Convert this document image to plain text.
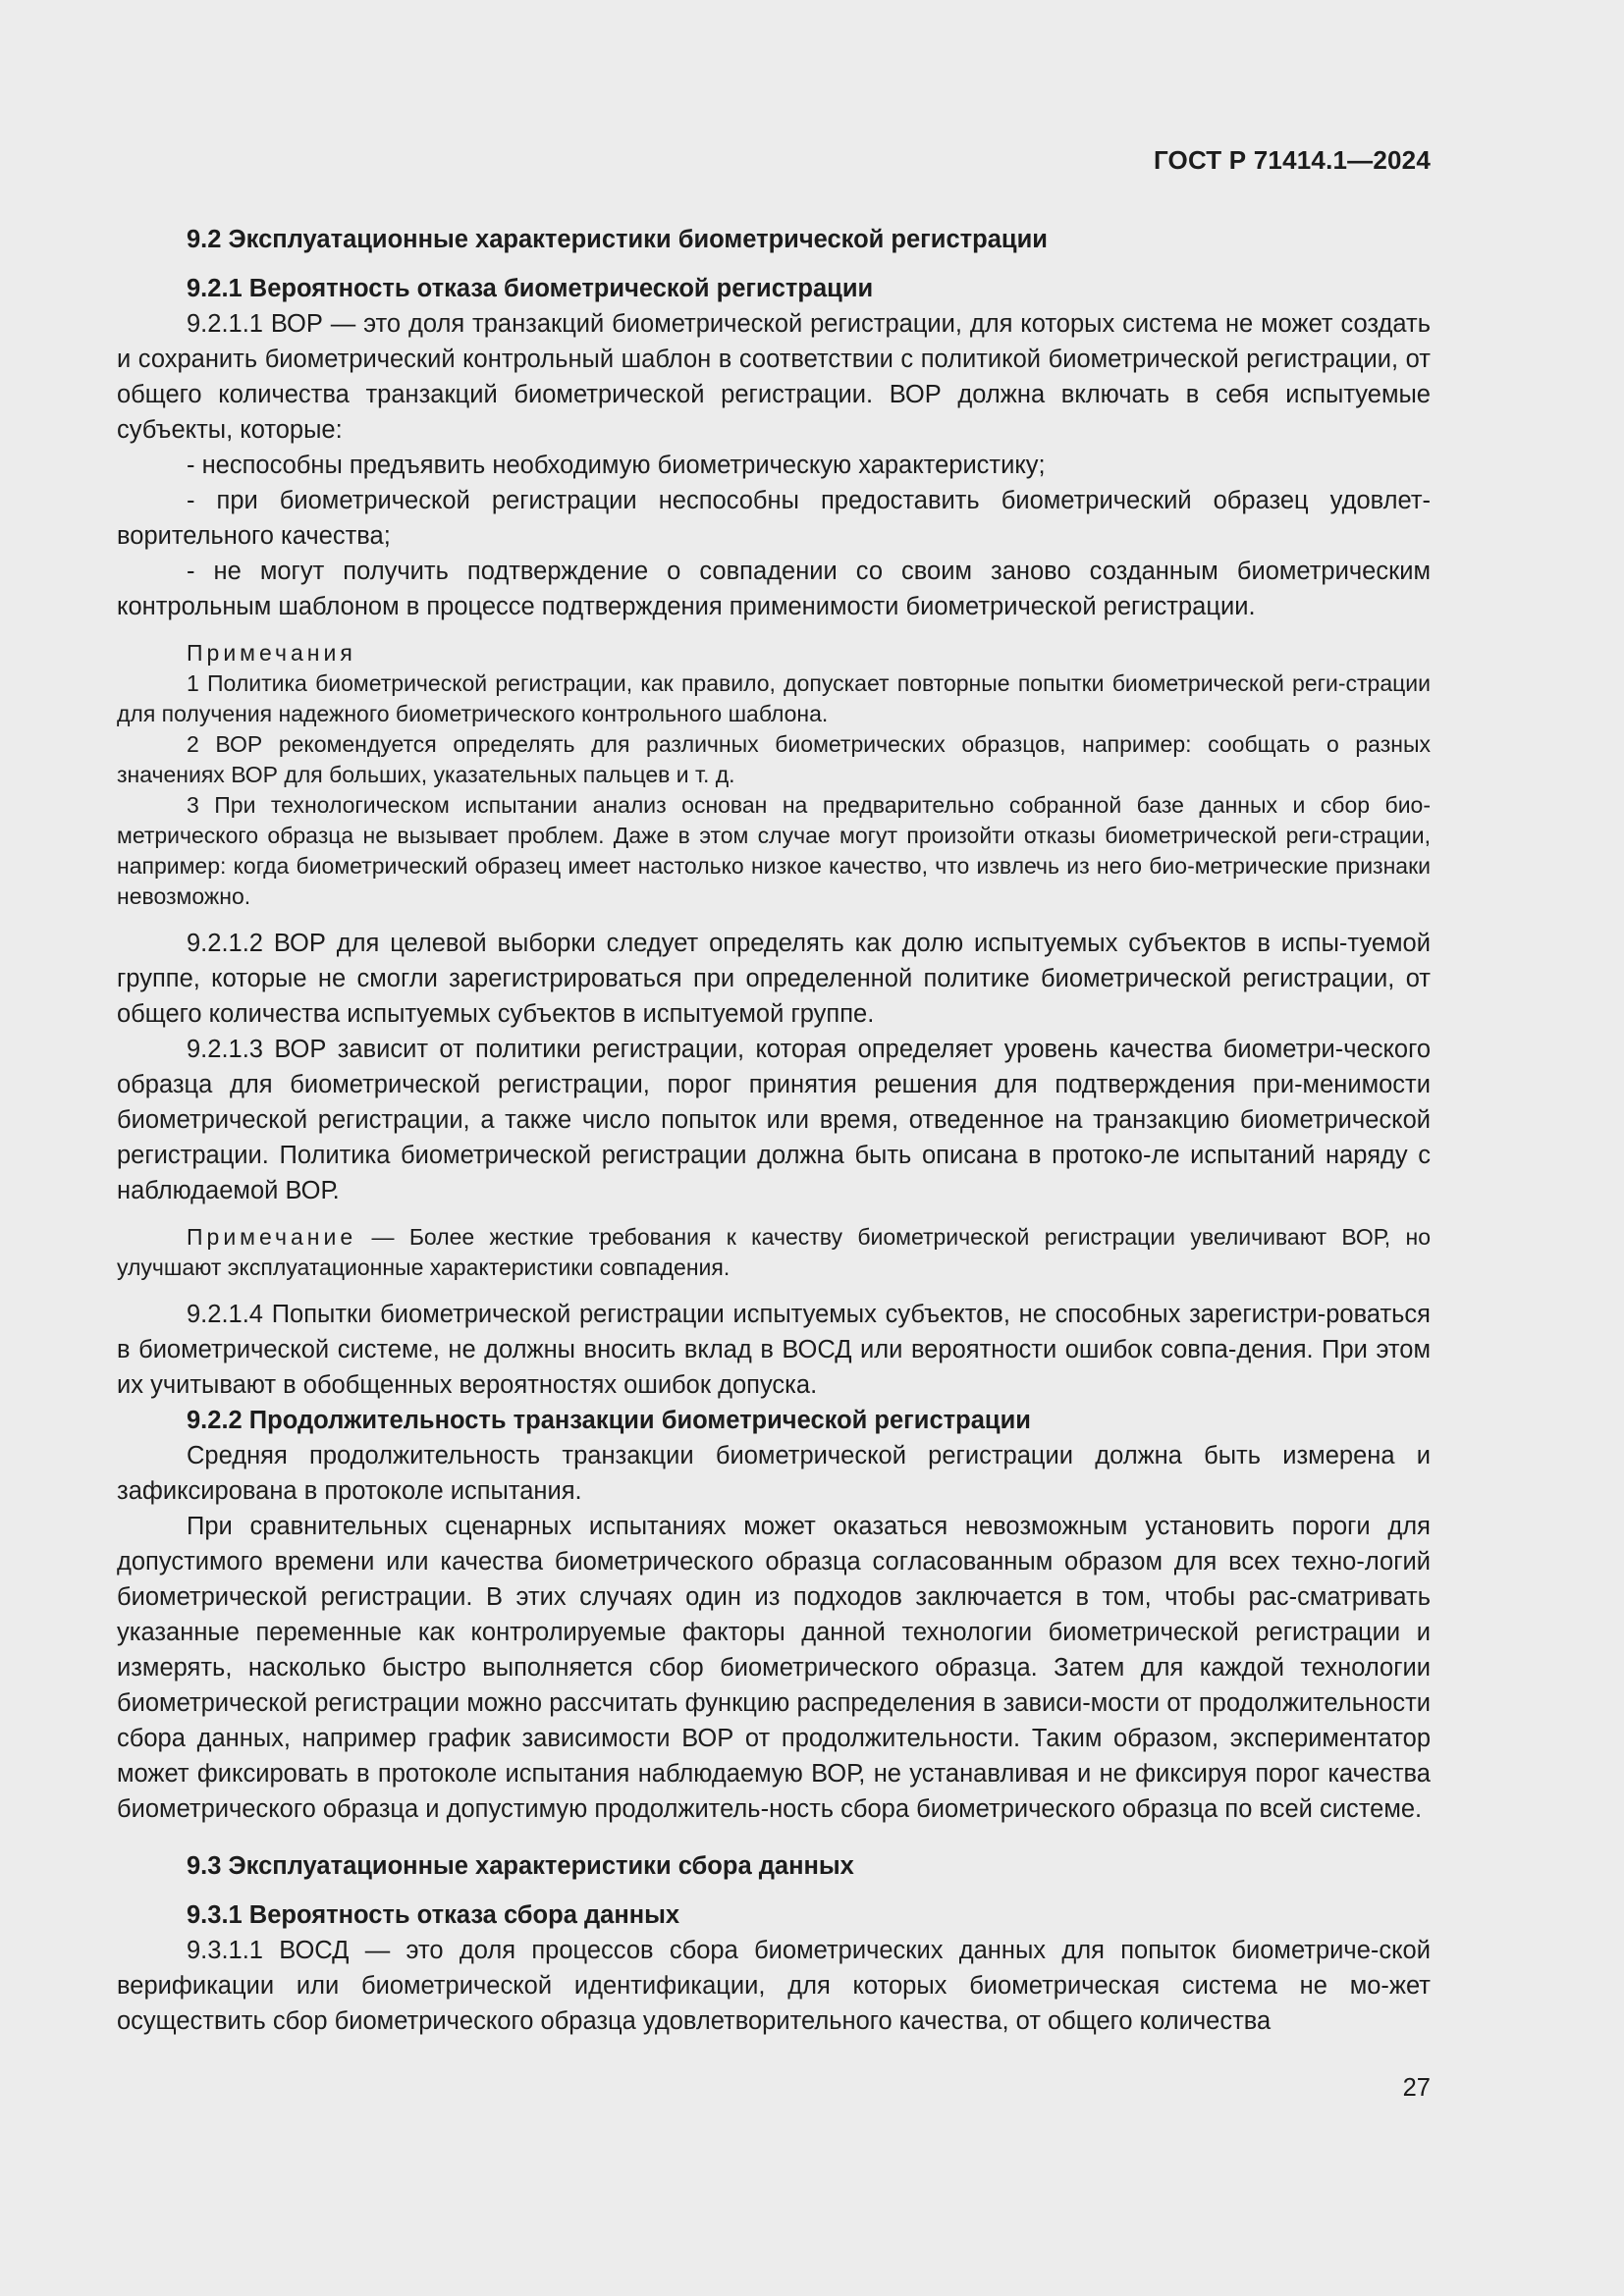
ГОСТ Р 71414.1—2024

9.2 Эксплуатационные характеристики биометрической регистрации

9.2.1 Вероятность отказа биометрической регистрации

9.2.1.1 ВОР — это доля транзакций биометрической регистрации, для которых система не может создать и сохранить биометрический контрольный шаблон в соответствии с политикой биометрической регистрации, от общего количества транзакций биометрической регистрации. ВОР должна включать в себя испытуемые субъекты, которые:

- неспособны предъявить необходимую биометрическую характеристику;

- при биометрической регистрации неспособны предоставить биометрический образец удовлет-ворительного качества;

- не могут получить подтверждение о совпадении со своим заново созданным биометрическим контрольным шаблоном в процессе подтверждения применимости биометрической регистрации.

Примечания

1 Политика биометрической регистрации, как правило, допускает повторные попытки биометрической реги-страции для получения надежного биометрического контрольного шаблона.

2 ВОР рекомендуется определять для различных биометрических образцов, например: сообщать о разных значениях ВОР для больших, указательных пальцев и т. д.

3 При технологическом испытании анализ основан на предварительно собранной базе данных и сбор био-метрического образца не вызывает проблем. Даже в этом случае могут произойти отказы биометрической реги-страции, например: когда биометрический образец имеет настолько низкое качество, что извлечь из него био-метрические признаки невозможно.

9.2.1.2 ВОР для целевой выборки следует определять как долю испытуемых субъектов в испы-туемой группе, которые не смогли зарегистрироваться при определенной политике биометрической регистрации, от общего количества испытуемых субъектов в испытуемой группе.

9.2.1.3 ВОР зависит от политики регистрации, которая определяет уровень качества биометри-ческого образца для биометрической регистрации, порог принятия решения для подтверждения при-менимости биометрической регистрации, а также число попыток или время, отведенное на транзакцию биометрической регистрации. Политика биометрической регистрации должна быть описана в протоко-ле испытаний наряду с наблюдаемой ВОР.

Примечание — Более жесткие требования к качеству биометрической регистрации увеличивают ВОР, но улучшают эксплуатационные характеристики совпадения.

9.2.1.4 Попытки биометрической регистрации испытуемых субъектов, не способных зарегистри-роваться в биометрической системе, не должны вносить вклад в ВОСД или вероятности ошибок совпа-дения. При этом их учитывают в обобщенных вероятностях ошибок допуска.

9.2.2 Продолжительность транзакции биометрической регистрации

Средняя продолжительность транзакции биометрической регистрации должна быть измерена и зафиксирована в протоколе испытания.

При сравнительных сценарных испытаниях может оказаться невозможным установить пороги для допустимого времени или качества биометрического образца согласованным образом для всех техно-логий биометрической регистрации. В этих случаях один из подходов заключается в том, чтобы рас-сматривать указанные переменные как контролируемые факторы данной технологии биометрической регистрации и измерять, насколько быстро выполняется сбор биометрического образца. Затем для каждой технологии биометрической регистрации можно рассчитать функцию распределения в зависи-мости от продолжительности сбора данных, например график зависимости ВОР от продолжительности. Таким образом, экспериментатор может фиксировать в протоколе испытания наблюдаемую ВОР, не устанавливая и не фиксируя порог качества биометрического образца и допустимую продолжитель-ность сбора биометрического образца по всей системе.

9.3 Эксплуатационные характеристики сбора данных

9.3.1 Вероятность отказа сбора данных

9.3.1.1 ВОСД — это доля процессов сбора биометрических данных для попыток биометриче-ской верификации или биометрической идентификации, для которых биометрическая система не мо-жет осуществить сбор биометрического образца удовлетворительного качества, от общего количества

27
